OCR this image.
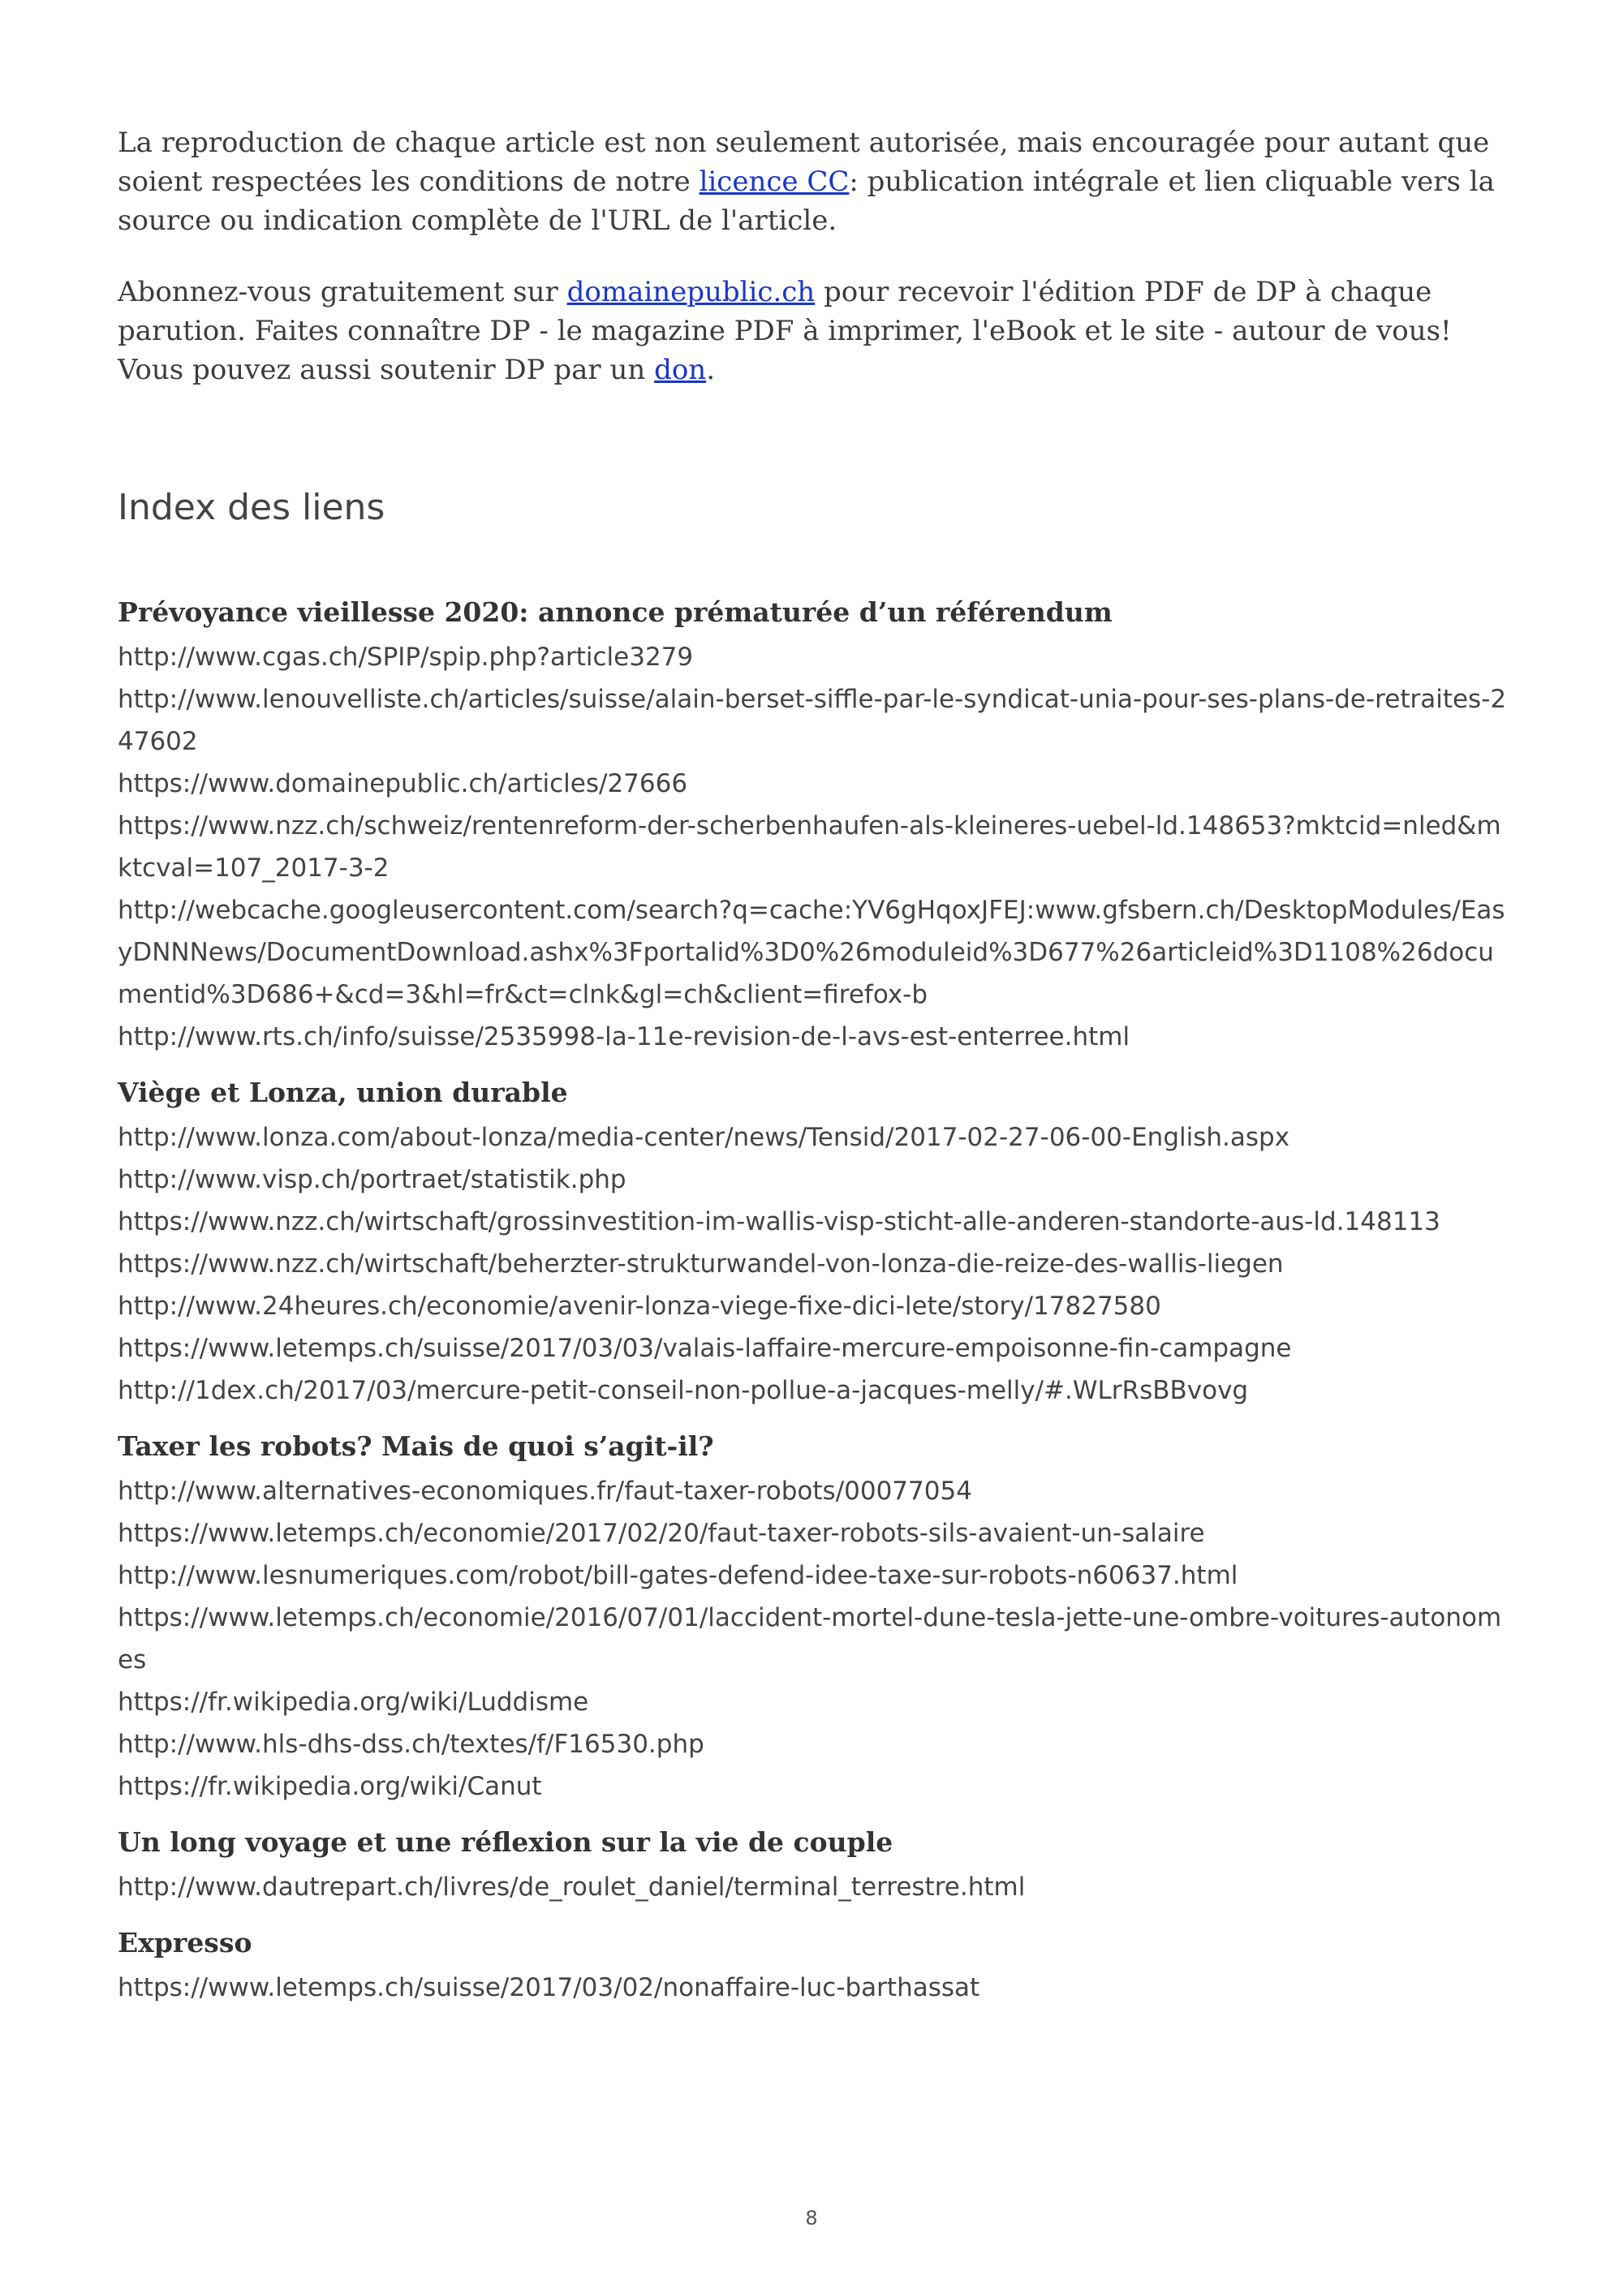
La reproduction de chaque article est non seulement autorisée, mais encouragée pour autant que soient respectées les conditions de notre licence CC: publication intégrale et lien cliquable vers la source ou indication complète de l'URL de l'article.

Abonnez-vous gratuitement sur domainepublic.ch pour recevoir l'édition PDF de DP à chaque parution. Faites connaître DP - le magazine PDF à imprimer, l'eBook et le site - autour de vous! Vous pouvez aussi soutenir DP par un don.

Index des liens
Prévoyance vieillesse 2020: annonce prématurée d’un référendum
http://www.cgas.ch/SPIP/spip.php?article3279
http://www.lenouvelliste.ch/articles/suisse/alain-berset-siffle-par-le-syndicat-unia-pour-ses-plans-de-retraites-247602
https://www.domainepublic.ch/articles/27666
https://www.nzz.ch/schweiz/rentenreform-der-scherbenhaufen-als-kleineres-uebel-ld.148653?mktcid=nled&mktcval=107_2017-3-2
http://webcache.googleusercontent.com/search?q=cache:YV6gHqoxJFEJ:www.gfsbern.ch/DesktopModules/EasyDNNNews/DocumentDownload.ashx%3Fportalid%3D0%26moduleid%3D677%26articleid%3D1108%26documentid%3D686+&cd=3&hl=fr&ct=clnk&gl=ch&client=firefox-b
http://www.rts.ch/info/suisse/2535998-la-11e-revision-de-l-avs-est-enterree.html
Viège et Lonza, union durable
http://www.lonza.com/about-lonza/media-center/news/Tensid/2017-02-27-06-00-English.aspx
http://www.visp.ch/portraet/statistik.php
https://www.nzz.ch/wirtschaft/grossinvestition-im-wallis-visp-sticht-alle-anderen-standorte-aus-ld.148113
https://www.nzz.ch/wirtschaft/beherzter-strukturwandel-von-lonza-die-reize-des-wallis-liegen
http://www.24heures.ch/economie/avenir-lonza-viege-fixe-dici-lete/story/17827580
https://www.letemps.ch/suisse/2017/03/03/valais-laffaire-mercure-empoisonne-fin-campagne
http://1dex.ch/2017/03/mercure-petit-conseil-non-pollue-a-jacques-melly/#.WLrRsBBvovg
Taxer les robots? Mais de quoi s’agit-il?
http://www.alternatives-economiques.fr/faut-taxer-robots/00077054
https://www.letemps.ch/economie/2017/02/20/faut-taxer-robots-sils-avaient-un-salaire
http://www.lesnumeriques.com/robot/bill-gates-defend-idee-taxe-sur-robots-n60637.html
https://www.letemps.ch/economie/2016/07/01/laccident-mortel-dune-tesla-jette-une-ombre-voitures-autonomes
https://fr.wikipedia.org/wiki/Luddisme
http://www.hls-dhs-dss.ch/textes/f/F16530.php
https://fr.wikipedia.org/wiki/Canut
Un long voyage et une réflexion sur la vie de couple
http://www.dautrepart.ch/livres/de_roulet_daniel/terminal_terrestre.html
Expresso
https://www.letemps.ch/suisse/2017/03/02/nonaffaire-luc-barthassat
8
